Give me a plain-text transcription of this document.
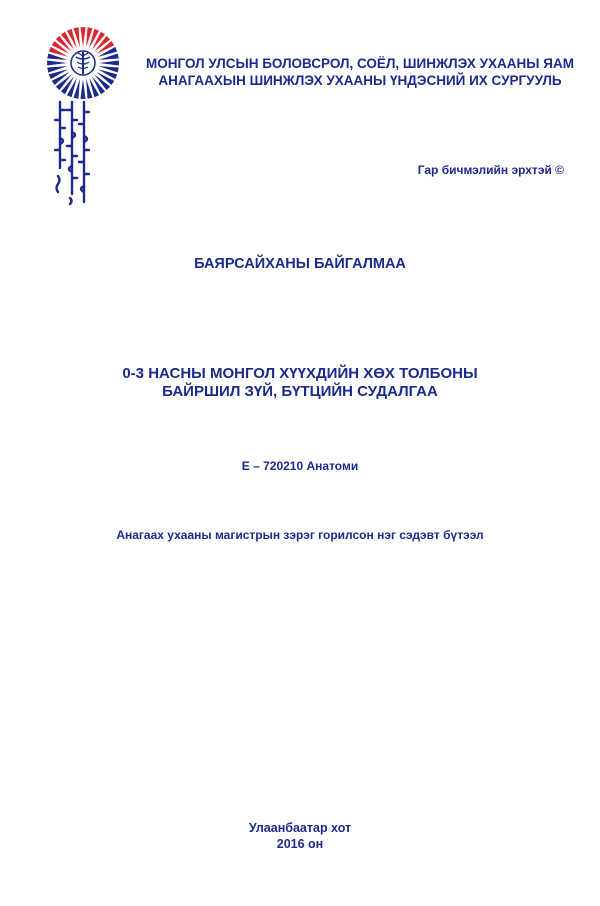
МОНГОЛ УЛСЫН БОЛОВСРОЛ, СОЁЛ, ШИНЖЛЭХ УХААНЫ ЯАМ
АНАГААХЫН ШИНЖЛЭХ УХААНЫ ҮНДЭСНИЙ ИХ СУРГУУЛЬ
Гар бичмэлийн эрхтэй ©
БАЯРСАЙХАНЫ БАЙГАЛМАА
0-3 НАСНЫ МОНГОЛ ХҮҮХДИЙН ХӨХ ТОЛБОНЫ
БАЙРШИЛ ЗҮЙ, БҮТЦИЙН СУДАЛГАА
E – 720210 Анатоми
Анагаах ухааны магистрын зэрэг горилсон нэг сэдэвт бүтээл
Улаанбаатар хот
2016 он
